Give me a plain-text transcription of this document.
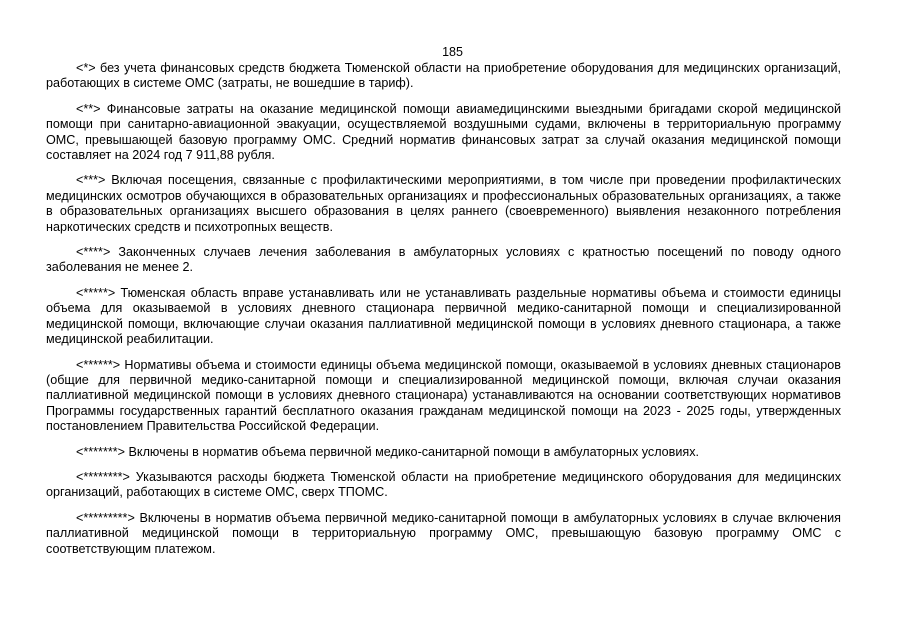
185

<*> без учета финансовых средств бюджета Тюменской области на приобретение оборудования для медицинских организаций, работающих в системе ОМС (затраты, не вошедшие в тариф).

<**> Финансовые затраты на оказание медицинской помощи авиамедицинскими выездными бригадами скорой медицинской помощи при санитарно-авиационной эвакуации, осуществляемой воздушными судами, включены в территориальную программу ОМС, превышающей базовую программу ОМС. Средний норматив финансовых затрат за случай оказания медицинской помощи составляет на 2024 год 7 911,88 рубля.

<***> Включая посещения, связанные с профилактическими мероприятиями, в том числе при проведении профилактических медицинских осмотров обучающихся в образовательных организациях и профессиональных образовательных организациях, а также в образовательных организациях высшего образования в целях раннего (своевременного) выявления незаконного потребления наркотических средств и психотропных веществ.

<****> Законченных случаев лечения заболевания в амбулаторных условиях с кратностью посещений по поводу одного заболевания не менее 2.

<*****> Тюменская область вправе устанавливать или не устанавливать раздельные нормативы объема и стоимости единицы объема для оказываемой в условиях дневного стационара первичной медико-санитарной помощи и специализированной медицинской помощи, включающие случаи оказания паллиативной медицинской помощи в условиях дневного стационара, а также медицинской реабилитации.

<******> Нормативы объема и стоимости единицы объема медицинской помощи, оказываемой в условиях дневных стационаров (общие для первичной медико-санитарной помощи и специализированной медицинской помощи, включая случаи оказания паллиативной медицинской помощи в условиях дневного стационара) устанавливаются на основании соответствующих нормативов Программы государственных гарантий бесплатного оказания гражданам медицинской помощи на 2023 - 2025 годы, утвержденных постановлением Правительства Российской Федерации.

<*******> Включены в норматив объема первичной медико-санитарной помощи в амбулаторных условиях.

<********> Указываются расходы бюджета Тюменской области на приобретение медицинского оборудования для медицинских организаций, работающих в системе ОМС, сверх ТПОМС.

<*********> Включены в норматив объема первичной медико-санитарной помощи в амбулаторных условиях в случае включения паллиативной медицинской помощи в территориальную программу ОМС, превышающую базовую программу ОМС с соответствующим платежом.
